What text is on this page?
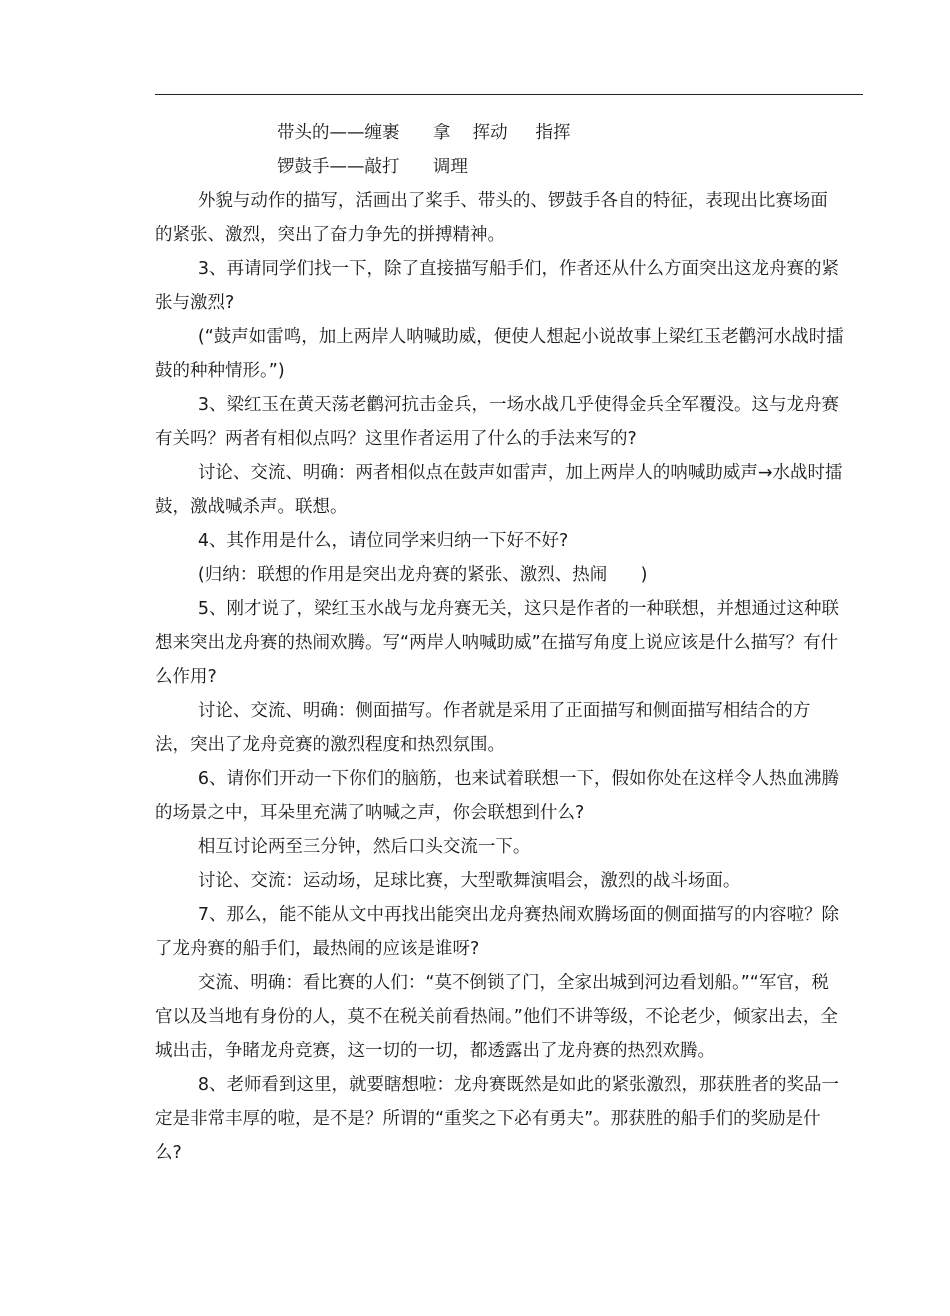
带头的——缠裹      拿    挥动     指挥

锣鼓手——敲打      调理

外貌与动作的描写，活画出了桨手、带头的、锣鼓手各自的特征，表现出比赛场面的紧张、激烈，突出了奋力争先的拼搏精神。

3、再请同学们找一下，除了直接描写船手们，作者还从什么方面突出这龙舟赛的紧张与激烈?

(“鼓声如雷鸣，加上两岸人呐喊助威，便使人想起小说故事上梁红玉老鹳河水战时擂鼓的种种情形。”)

3、梁红玉在黄天荡老鹳河抗击金兵，一场水战几乎使得金兵全军覆没。这与龙舟赛有关吗？两者有相似点吗？这里作者运用了什么的手法来写的?

讨论、交流、明确：两者相似点在鼓声如雷声，加上两岸人的呐喊助威声→水战时擂鼓，激战喊杀声。联想。

4、其作用是什么，请位同学来归纳一下好不好?

(归纳：联想的作用是突出龙舟赛的紧张、激烈、热闹      )

5、刚才说了，梁红玉水战与龙舟赛无关，这只是作者的一种联想，并想通过这种联想来突出龙舟赛的热闹欢腾。写“两岸人呐喊助威”在描写角度上说应该是什么描写？有什么作用?

讨论、交流、明确：侧面描写。作者就是采用了正面描写和侧面描写相结合的方法，突出了龙舟竞赛的激烈程度和热烈氛围。

6、请你们开动一下你们的脑筋，也来试着联想一下，假如你处在这样令人热血沸腾的场景之中，耳朵里充满了呐喊之声，你会联想到什么?

相互讨论两至三分钟，然后口头交流一下。

讨论、交流：运动场，足球比赛，大型歌舞演唱会，激烈的战斗场面。

7、那么，能不能从文中再找出能突出龙舟赛热闹欢腾场面的侧面描写的内容啦？除了龙舟赛的船手们，最热闹的应该是谁呀?

交流、明确：看比赛的人们：“莫不倒锁了门，全家出城到河边看划船。”“军官，税官以及当地有身份的人，莫不在税关前看热闹。”他们不讲等级，不论老少，倾家出去，全城出击，争睹龙舟竞赛，这一切的一切，都透露出了龙舟赛的热烈欢腾。

8、老师看到这里，就要瞎想啦：龙舟赛既然是如此的紧张激烈，那获胜者的奖品一定是非常丰厚的啦，是不是？所谓的“重奖之下必有勇夫”。那获胜的船手们的奖励是什么?
